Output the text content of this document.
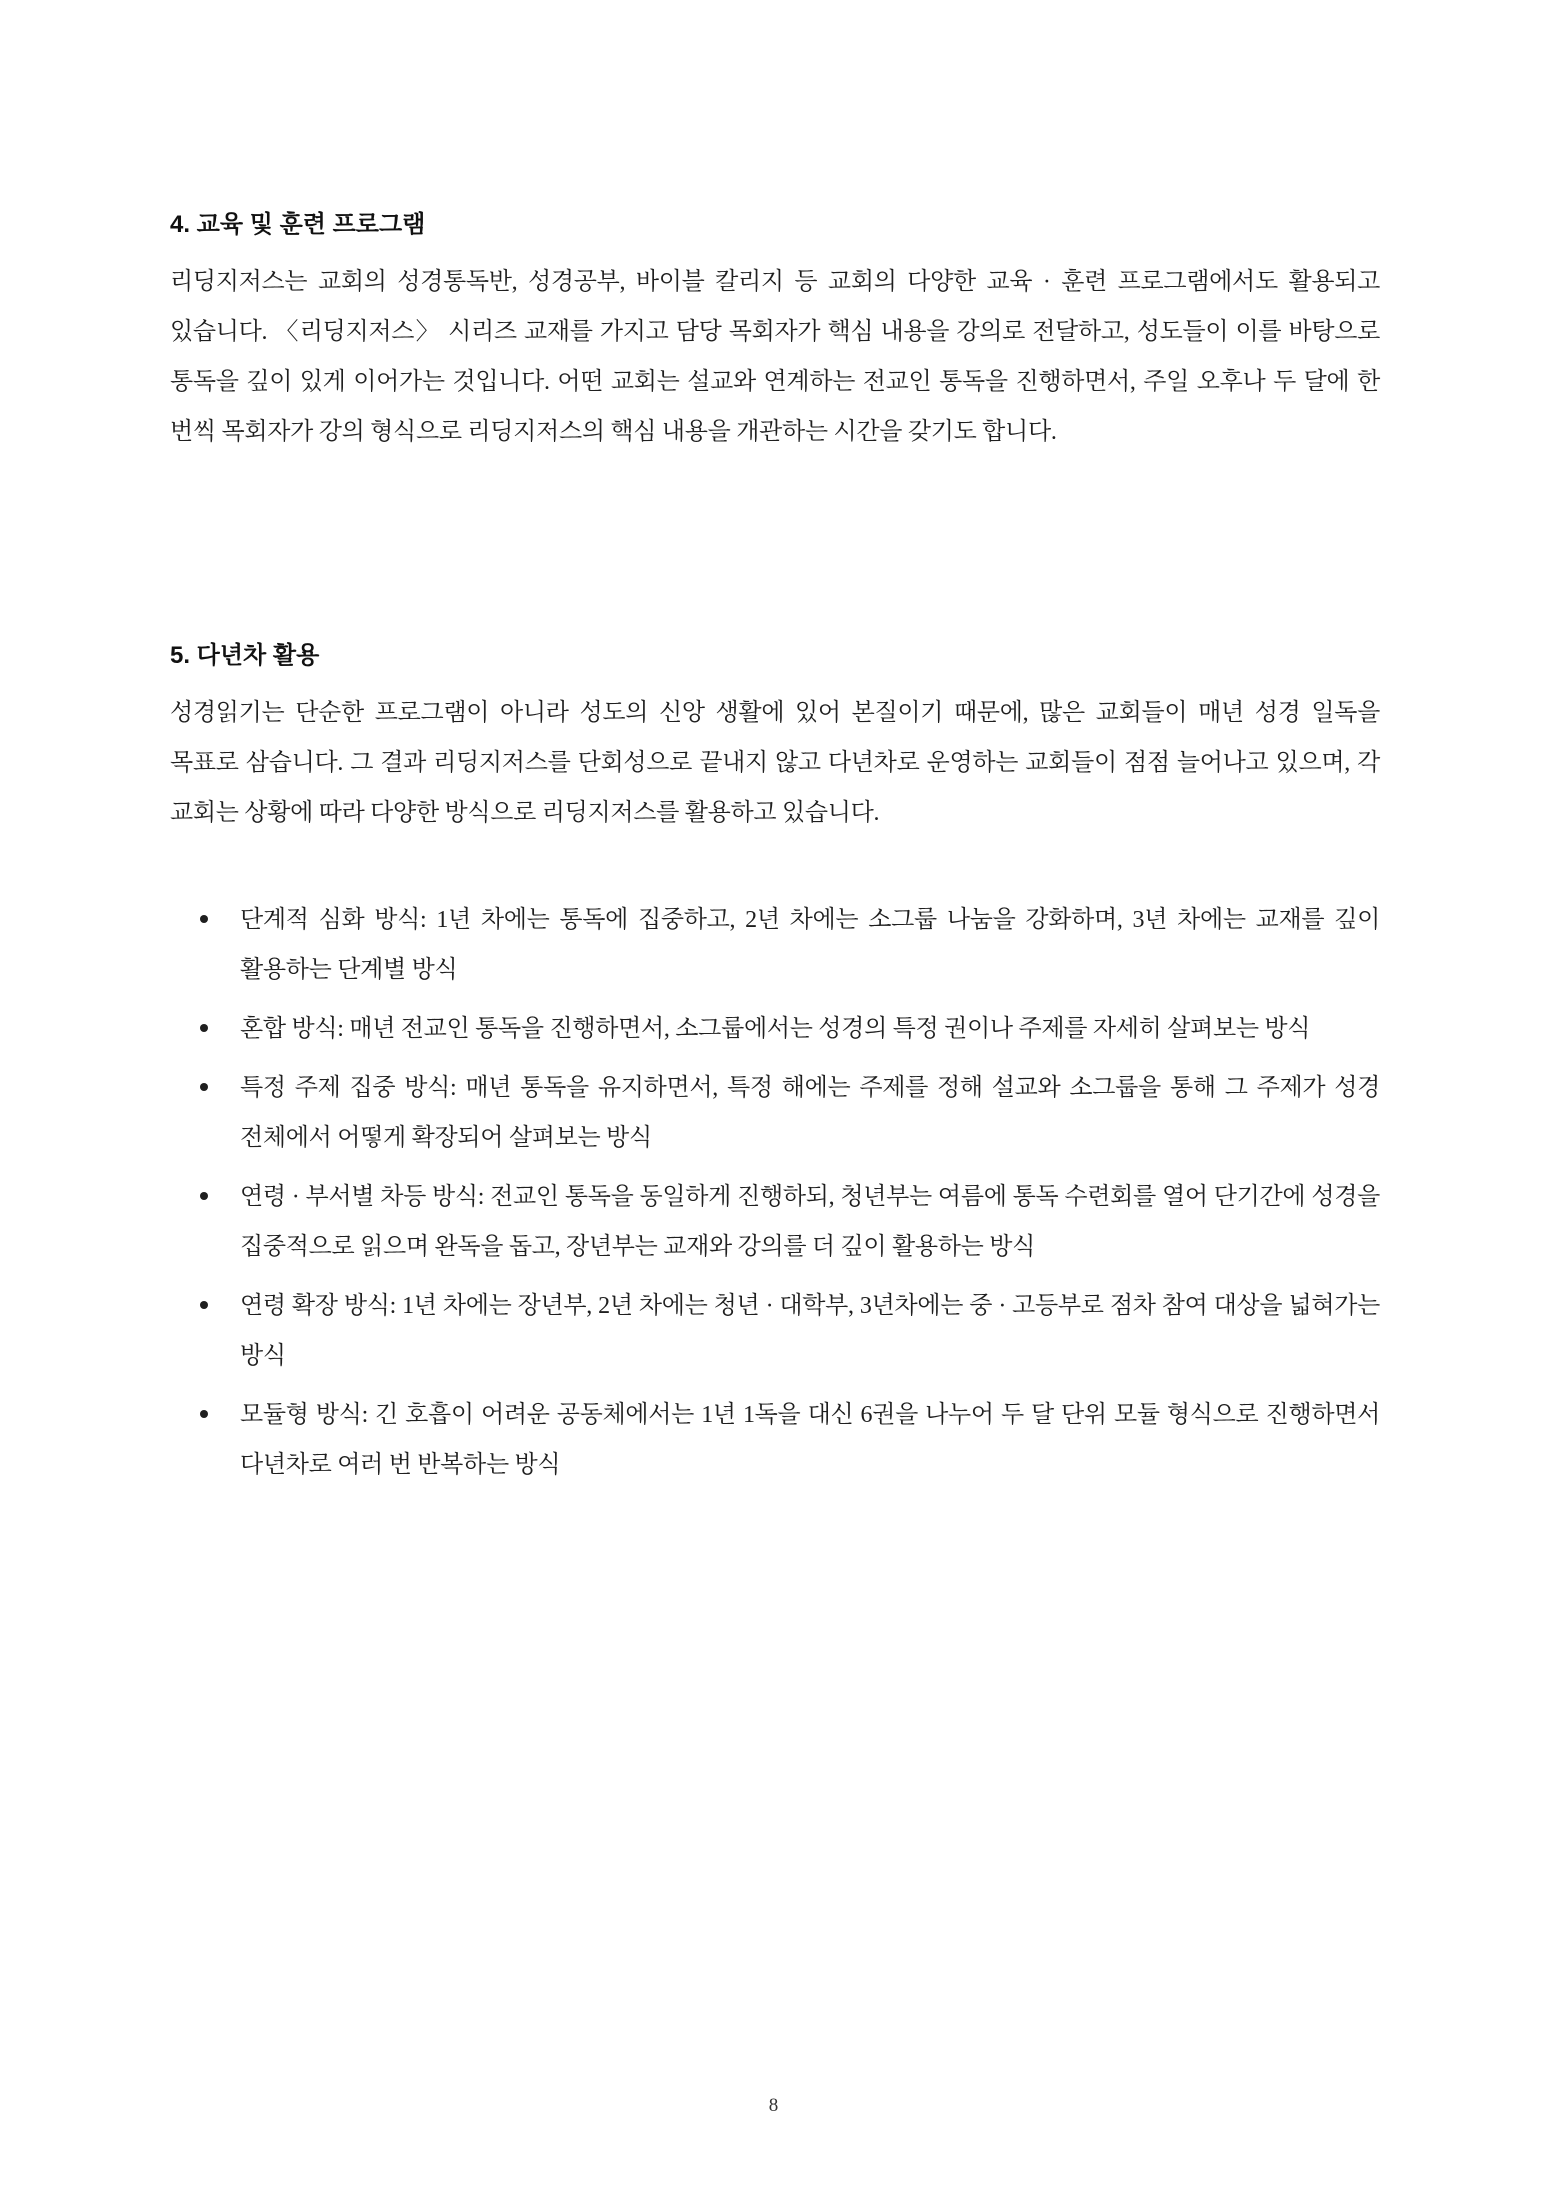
4. 교육 및 훈련 프로그램

리딩지저스는 교회의 성경통독반, 성경공부, 바이블 칼리지 등 교회의 다양한 교육 · 훈련 프로그램에서도 활용되고 있습니다. 〈리딩지저스〉 시리즈 교재를 가지고 담당 목회자가 핵심 내용을 강의로 전달하고, 성도들이 이를 바탕으로 통독을 깊이 있게 이어가는 것입니다. 어떤 교회는 설교와 연계하는 전교인 통독을 진행하면서, 주일 오후나 두 달에 한 번씩 목회자가 강의 형식으로 리딩지저스의 핵심 내용을 개관하는 시간을 갖기도 합니다.

5. 다년차 활용

성경읽기는 단순한 프로그램이 아니라 성도의 신앙 생활에 있어 본질이기 때문에, 많은 교회들이 매년 성경 일독을 목표로 삼습니다. 그 결과 리딩지저스를 단회성으로 끝내지 않고 다년차로 운영하는 교회들이 점점 늘어나고 있으며, 각 교회는 상황에 따라 다양한 방식으로 리딩지저스를 활용하고 있습니다.

단계적 심화 방식: 1년 차에는 통독에 집중하고, 2년 차에는 소그룹 나눔을 강화하며, 3년 차에는 교재를 깊이 활용하는 단계별 방식
혼합 방식: 매년 전교인 통독을 진행하면서, 소그룹에서는 성경의 특정 권이나 주제를 자세히 살펴보는 방식
특정 주제 집중 방식: 매년 통독을 유지하면서, 특정 해에는 주제를 정해 설교와 소그룹을 통해 그 주제가 성경 전체에서 어떻게 확장되어 살펴보는 방식
연령 · 부서별 차등 방식: 전교인 통독을 동일하게 진행하되, 청년부는 여름에 통독 수련회를 열어 단기간에 성경을 집중적으로 읽으며 완독을 돕고, 장년부는 교재와 강의를 더 깊이 활용하는 방식
연령 확장 방식: 1년 차에는 장년부, 2년 차에는 청년 · 대학부, 3년차에는 중 · 고등부로 점차 참여 대상을 넓혀가는 방식
모듈형 방식: 긴 호흡이 어려운 공동체에서는 1년 1독을 대신 6권을 나누어 두 달 단위 모듈 형식으로 진행하면서 다년차로 여러 번 반복하는 방식
8
